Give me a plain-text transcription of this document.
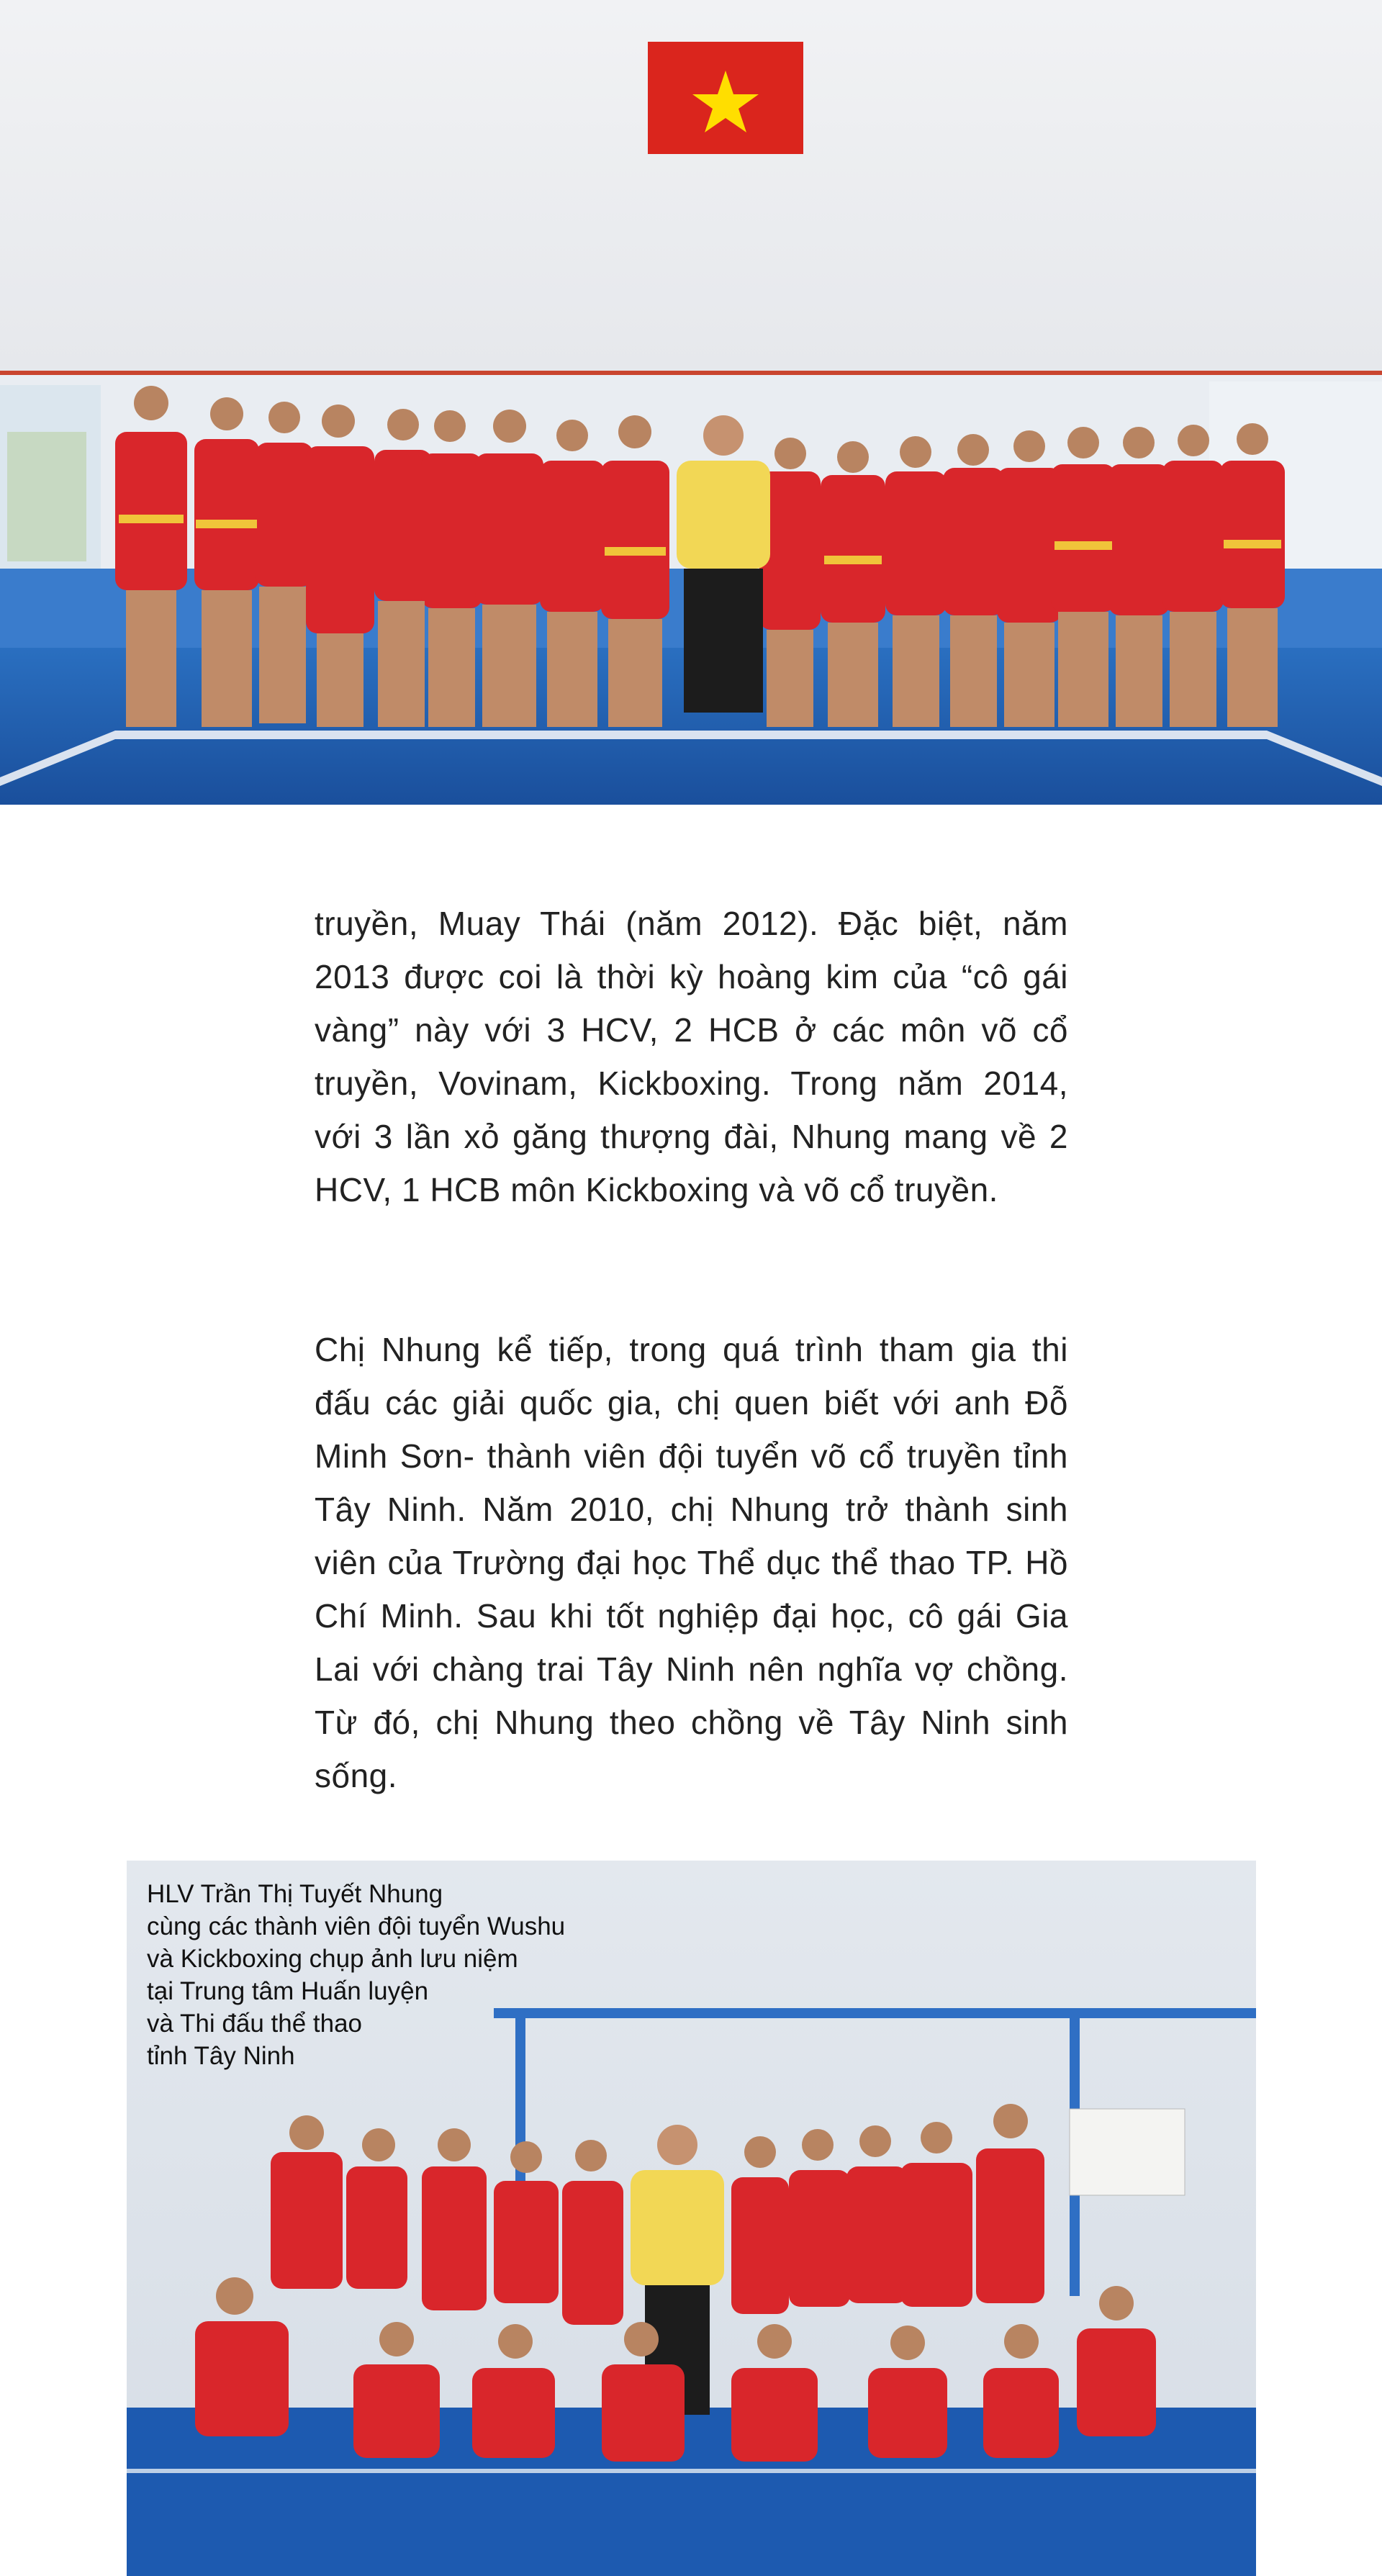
truyền, Muay Thái (năm 2012). Đặc biệt, năm 2013 được coi là thời kỳ hoàng kim của “cô gái vàng” này với 3 HCV, 2 HCB ở các môn võ cổ truyền, Vovinam, Kickboxing. Trong năm 2014, với 3 lần xỏ găng thượng đài, Nhung mang về 2 HCV, 1 HCB môn Kickboxing và võ cổ truyền.

Chị Nhung kể tiếp, trong quá trình tham gia thi đấu các giải quốc gia, chị quen biết với anh Đỗ Minh Sơn- thành viên đội tuyển võ cổ truyền tỉnh Tây Ninh. Năm 2010, chị Nhung trở thành sinh viên của Trường đại học Thể dục thể thao TP. Hồ Chí Minh. Sau khi tốt nghiệp đại học, cô gái Gia Lai với chàng trai Tây Ninh nên nghĩa vợ chồng. Từ đó, chị Nhung theo chồng về Tây Ninh sinh sống.

HLV Trần Thị Tuyết Nhung
cùng các thành viên đội tuyển Wushu
và Kickboxing chụp ảnh lưu niệm
tại Trung tâm Huấn luyện
và Thi đấu thể thao
tỉnh Tây Ninh
